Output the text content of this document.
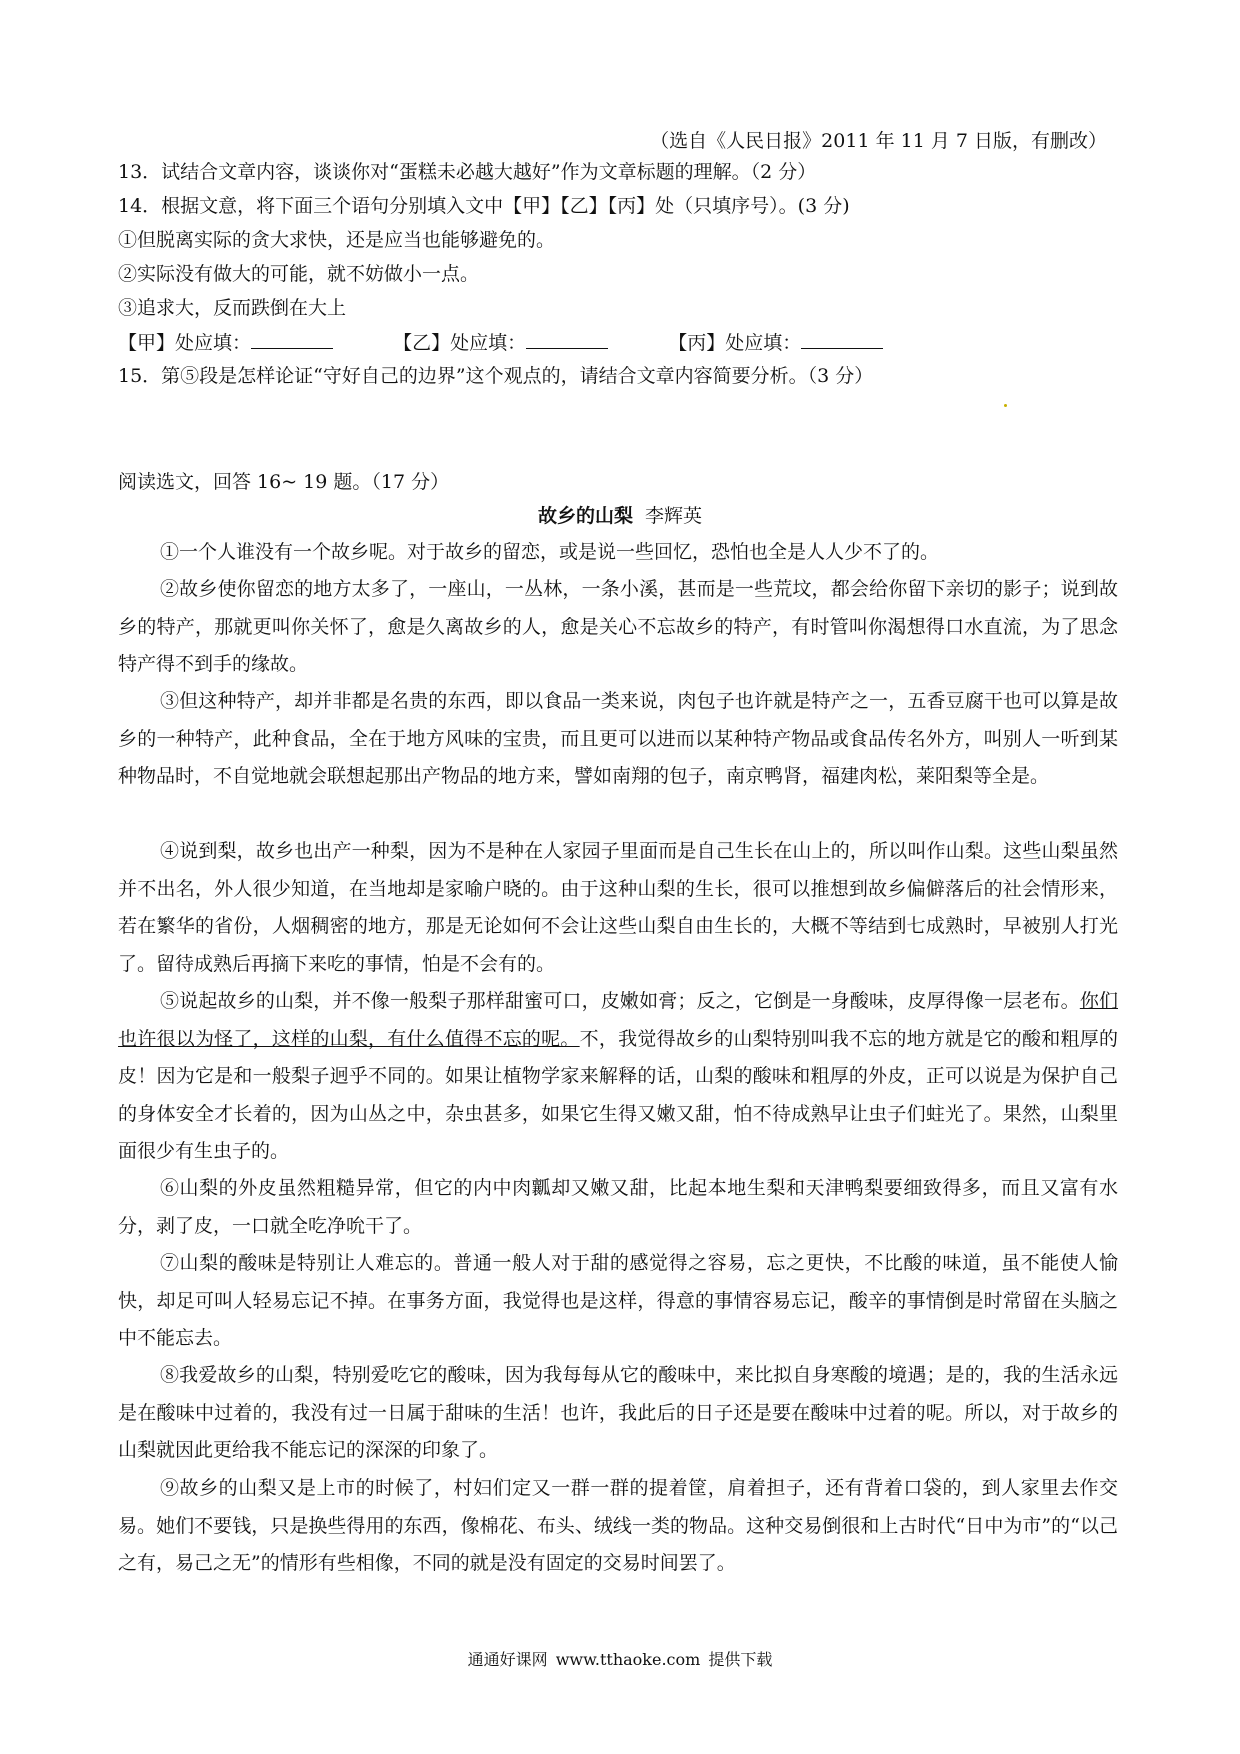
（选自《人民日报》2011 年 11 月 7 日版，有删改）
13．试结合文章内容，谈谈你对“蛋糕未必越大越好”作为文章标题的理解。（2 分）
14．根据文意，将下面三个语句分别填入文中【甲】【乙】【丙】处（只填序号）。(3 分)
①但脱离实际的贪大求快，还是应当也能够避免的。
②实际没有做大的可能，就不妨做小一点。
③追求大，反而跌倒在大上
【甲】处应填：	【乙】处应填：	【丙】处应填：
15．第⑤段是怎样论证“守好自己的边界”这个观点的，请结合文章内容简要分析。（3 分）
阅读选文，回答 16~ 19 题。（17 分）
故乡的山梨 李辉英
①一个人谁没有一个故乡呢。对于故乡的留恋，或是说一些回忆，恐怕也全是人人少不了的。
②故乡使你留恋的地方太多了，一座山，一丛林，一条小溪，甚而是一些荒坟，都会给你留下亲切的影子；说到故乡的特产，那就更叫你关怀了，愈是久离故乡的人，愈是关心不忘故乡的特产，有时管叫你渴想得口水直流，为了思念特产得不到手的缘故。
③但这种特产，却并非都是名贵的东西，即以食品一类来说，肉包子也许就是特产之一，五香豆腐干也可以算是故乡的一种特产，此种食品，全在于地方风味的宝贵，而且更可以进而以某种特产物品或食品传名外方，叫别人一听到某种物品时，不自觉地就会联想起那出产物品的地方来，譬如南翔的包子，南京鸭肾，福建肉松，莱阳梨等全是。
④说到梨，故乡也出产一种梨，因为不是种在人家园子里面而是自己生长在山上的，所以叫作山梨。这些山梨虽然并不出名，外人很少知道，在当地却是家喻户晓的。由于这种山梨的生长，很可以推想到故乡偏僻落后的社会情形来，若在繁华的省份，人烟稠密的地方，那是无论如何不会让这些山梨自由生长的，大概不等结到七成熟时，早被别人打光了。留待成熟后再摘下来吃的事情，怕是不会有的。
⑤说起故乡的山梨，并不像一般梨子那样甜蜜可口，皮嫩如膏；反之，它倒是一身酸味，皮厚得像一层老布。你们也许很以为怪了，这样的山梨，有什么值得不忘的呢。不，我觉得故乡的山梨特别叫我不忘的地方就是它的酸和粗厚的皮！因为它是和一般梨子迥乎不同的。如果让植物学家来解释的话，山梨的酸味和粗厚的外皮，正可以说是为保护自己的身体安全才长着的，因为山丛之中，杂虫甚多，如果它生得又嫩又甜，怕不待成熟早让虫子们蛀光了。果然，山梨里面很少有生虫子的。
⑥山梨的外皮虽然粗糙异常，但它的内中肉瓤却又嫩又甜，比起本地生梨和天津鸭梨要细致得多，而且又富有水分，剥了皮，一口就全吃净吮干了。
⑦山梨的酸味是特别让人难忘的。普通一般人对于甜的感觉得之容易，忘之更快，不比酸的味道，虽不能使人愉快，却足可叫人轻易忘记不掉。在事务方面，我觉得也是这样，得意的事情容易忘记，酸辛的事情倒是时常留在头脑之中不能忘去。
⑧我爱故乡的山梨，特别爱吃它的酸味，因为我每每从它的酸味中，来比拟自身寒酸的境遇；是的，我的生活永远是在酸味中过着的，我没有过一日属于甜味的生活！也许，我此后的日子还是要在酸味中过着的呢。所以，对于故乡的山梨就因此更给我不能忘记的深深的印象了。
⑨故乡的山梨又是上市的时候了，村妇们定又一群一群的提着筐，肩着担子，还有背着口袋的，到人家里去作交易。她们不要钱，只是换些得用的东西，像棉花、布头、绒线一类的物品。这种交易倒很和上古时代“日中为市”的“以己之有，易己之无”的情形有些相像，不同的就是没有固定的交易时间罢了。
通通好课网 www.tthaoke.com 提供下载
